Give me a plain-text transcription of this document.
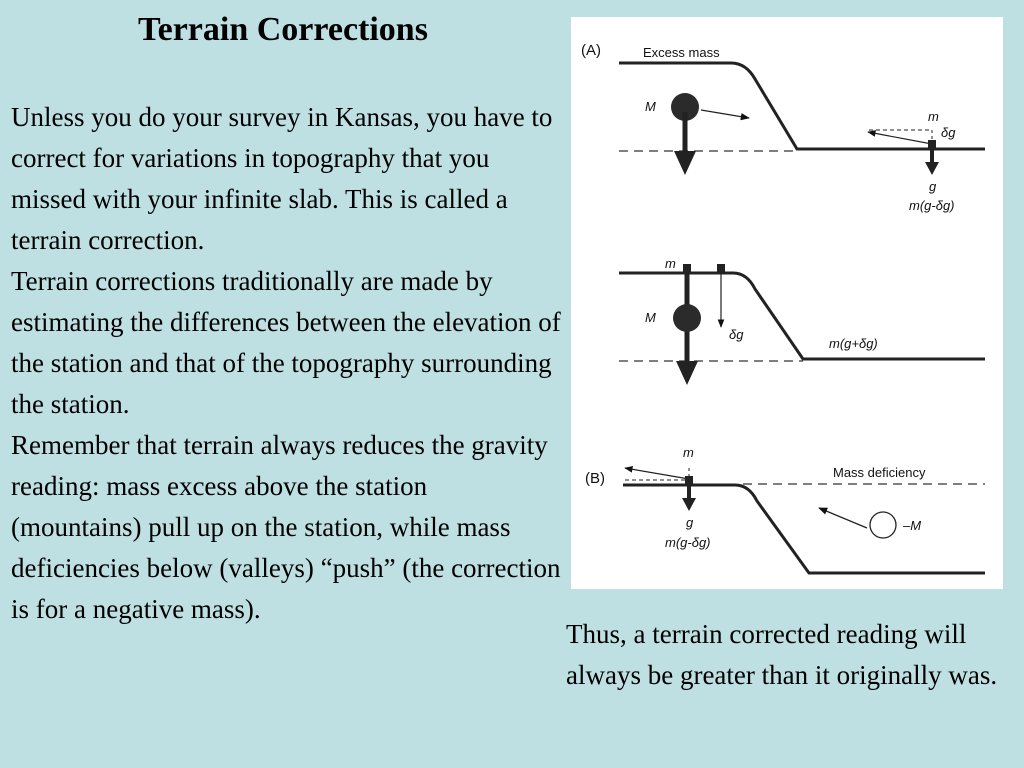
Terrain Corrections

Unless you do your survey in Kansas, you have to correct for variations in topography that you missed with your infinite slab. This is called a terrain correction.

Terrain corrections traditionally are made by estimating the differences between the elevation of the station and that of the topography surrounding the station.

Remember that terrain always reduces the gravity reading: mass excess above the station (mountains) pull up on the station, while mass deficiencies below (valleys) “push” (the correction is for a negative mass).

(A)	Excess mass
M
m
δg
g
m(g-δg)
m
δg
M
m(g+δg)
(B)
m
Mass deficiency
g
m(g-δg)
–M
Thus, a terrain corrected reading will always be greater than it originally was.
